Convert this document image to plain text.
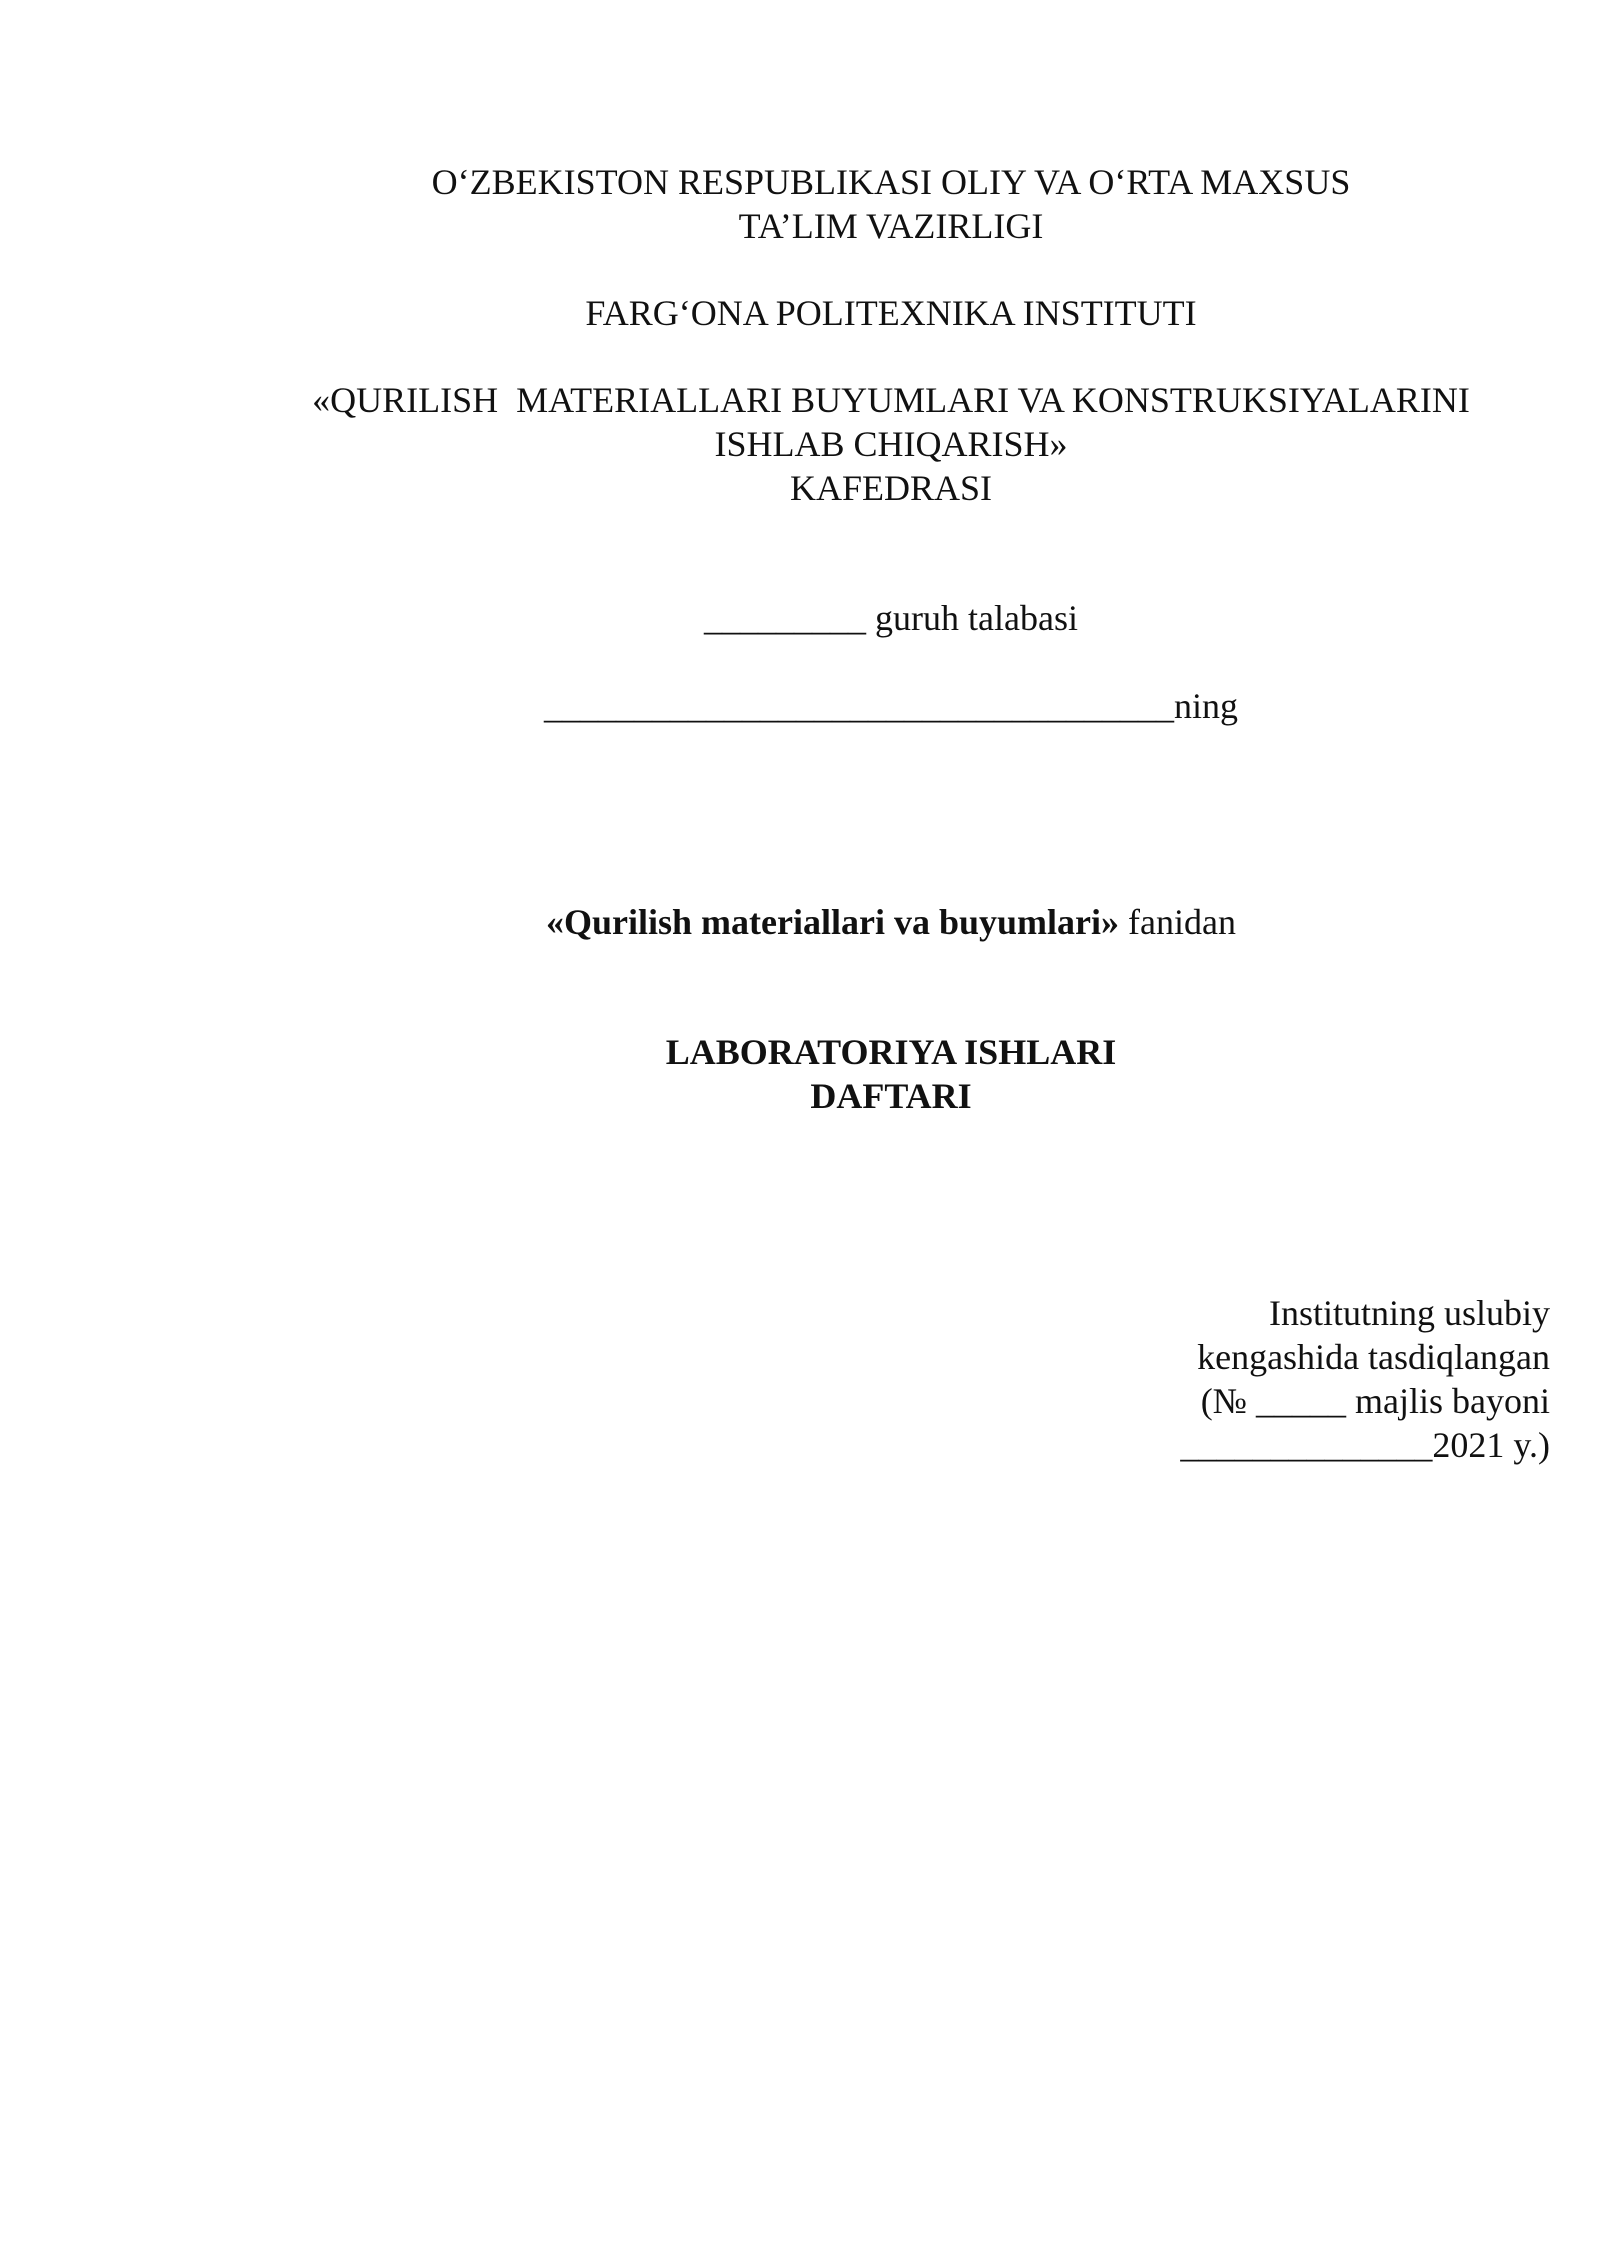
O‘ZBEKISTON RESPUBLIKASI OLIY VA O‘RTA MAXSUS
TA’LIM VAZIRLIGI
FARG‘ONA POLITEXNIKA INSTITUTI
«QURILISH  MATERIALLARI BUYUMLARI VA KONSTRUKSIYALARINI
ISHLAB CHIQARISH»
KAFEDRASI
_________ guruh talabasi
___________________________________ning
«Qurilish materiallari va buyumlari» fanidan
LABORATORIYA ISHLARI
DAFTARI
Institutning uslubiy
kengashida tasdiqlangan
(№ _____ majlis bayoni
______________2021 y.)
